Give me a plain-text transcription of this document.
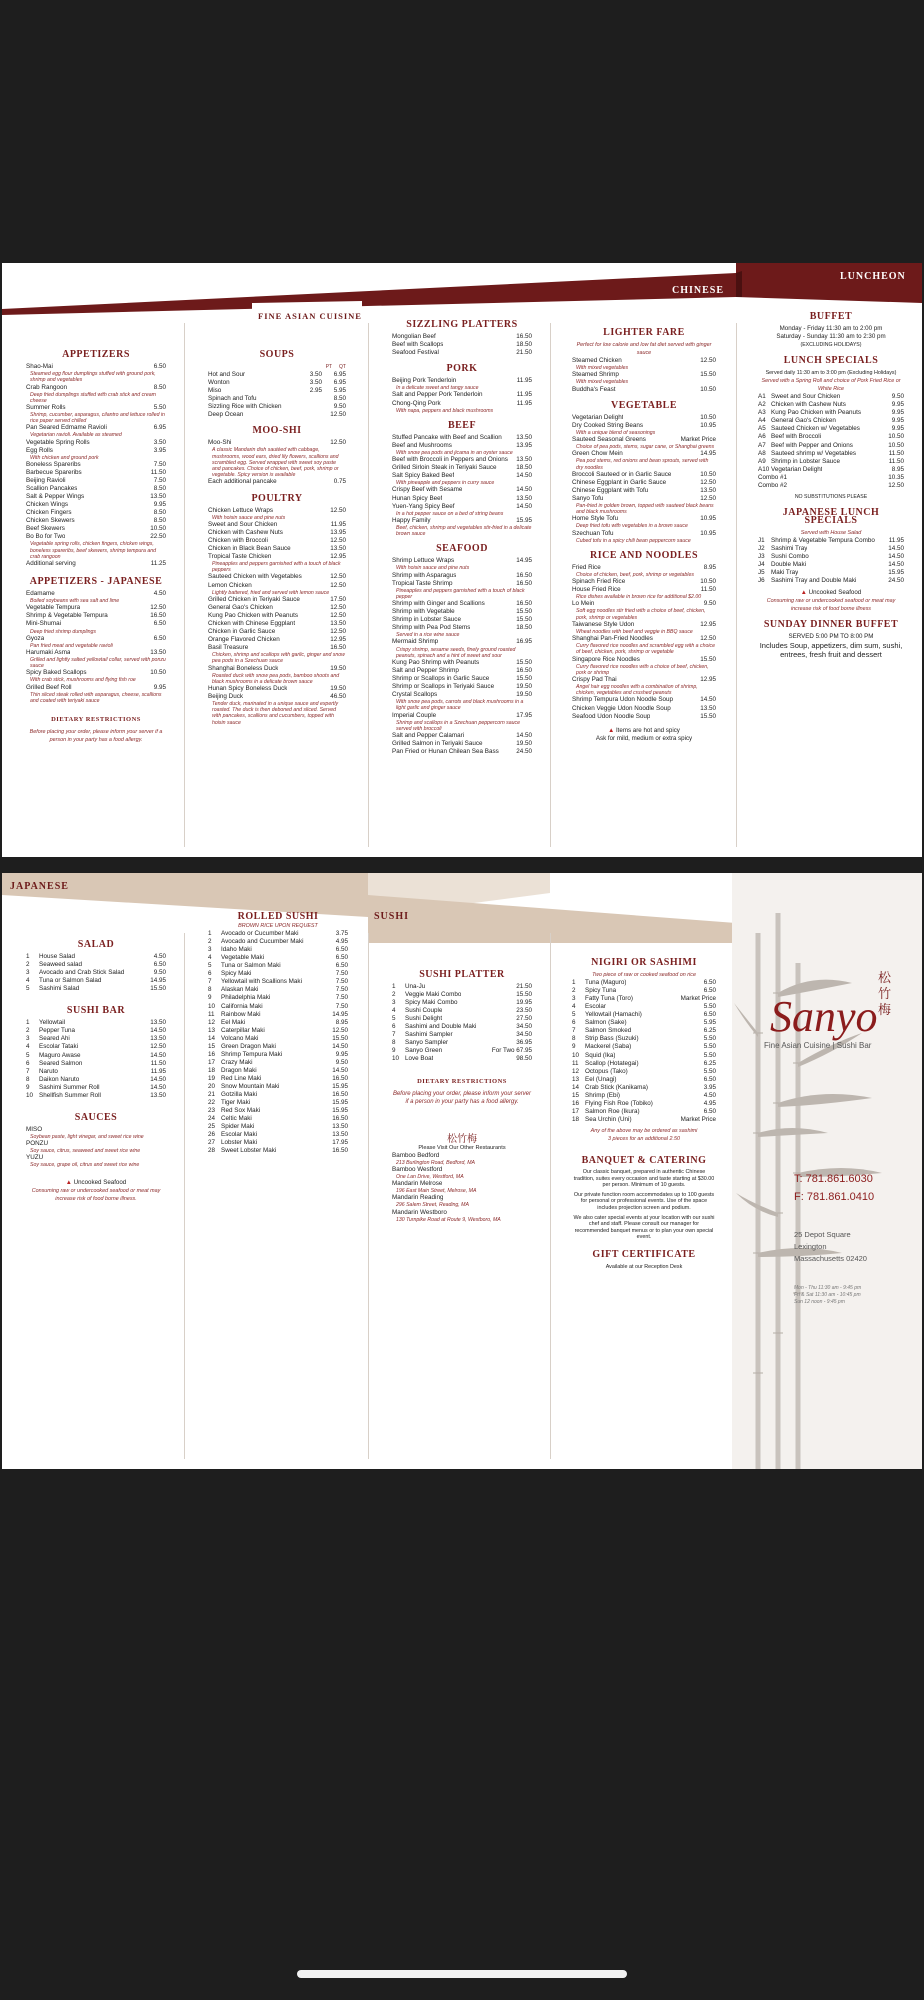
CHINESE
LUNCHEON
FINE ASIAN CUISINE
APPETIZERS
Shao-Mai	6.50
Steamed egg flour dumplings stuffed with ground pork, shrimp and vegetables
Crab Rangoon	8.50
Deep fried dumplings stuffed with crab stick and cream cheese
Summer Rolls	5.50
Shrimp, cucumber, asparagus, cilantro and lettuce rolled in rice paper served chilled
Pan Seared Edmame Ravioli	6.95
Vegetarian ravioli. Available as steamed
Vegetable Spring Rolls	3.50
Egg Rolls	3.95
With chicken and ground pork
Boneless Spareribs	7.50
Barbecue Spareribs	11.50
Beijing Ravioli	7.50
Scallion Pancakes	8.50
Salt & Pepper Wings	13.50
Chicken Wings	9.95
Chicken Fingers	8.50
Chicken Skewers	8.50
Beef Skewers	10.50
Bo Bo for Two	22.50
Vegetable spring rolls, chicken fingers, chicken wings, boneless spareribs, beef skewers, shrimp tempura and crab rangoon
Additional serving	11.25
APPETIZERS - JAPANESE
Edamame	4.50
Boiled soybeans with sea salt and lime
Vegetable Tempura	12.50
Shrimp & Vegetable Tempura	16.50
Mini-Shumai	6.50
Deep fried shrimp dumplings
Gyoza	6.50
Pan fried meat and vegetable ravioli
Harumaki Asma	13.50
Grilled and lightly salted yellowtail collar, served with ponzu sauce
Spicy Baked Scallops	10.50
With crab stick, mushrooms and flying fish roe
Grilled Beef Roll	9.95
Thin sliced steak rolled with asparagus, cheese, scallions and coated with teriyaki sauce
DIETARY RESTRICTIONS
Before placing your order, please inform your server if a person in your party has a food allergy.
SOUPS
PT QT
Hot and Sour	3.50 6.95
Wonton	3.50 6.95
Miso	2.95 5.95
Spinach and Tofu	8.50
Sizzling Rice with Chicken	9.50
Deep Ocean	12.50
MOO-SHI
Moo-Shi	12.50
A classic Mandarin dish sautéed with cabbage, mushrooms, wood ears, dried lily flowers, scallions and scrambled egg. Served wrapped with sweet soy paste and pancakes. Choice of chicken, beef, pork, shrimp or vegetable. Spicy version is available
Each additional pancake	0.75
POULTRY
Chicken Lettuce Wraps	12.50
With hoisin sauce and pine nuts
Sweet and Sour Chicken	11.95
Chicken with Cashew Nuts	13.95
Chicken with Broccoli	12.50
Chicken in Black Bean Sauce	13.50
Tropical Taste Chicken	12.95
Pineapples and peppers garnished with a touch of black peppers
Sauteed Chicken with Vegetables	12.50
Lemon Chicken	12.50
Lightly battered, fried and served with lemon sauce
Grilled Chicken in Teriyaki Sauce	17.50
General Gao's Chicken	12.50
Kung Pao Chicken with Peanuts	12.50
Chicken with Chinese Eggplant	13.50
Chicken in Garlic Sauce	12.50
Orange Flavored Chicken	12.95
Basil Treasure	16.50
Chicken, shrimp and scallops with garlic, ginger and snow pea pods in a Szechuan sauce
Shanghai Boneless Duck	19.50
Roasted duck with snow pea pods, bamboo shoots and black mushrooms in a delicate brown sauce
Hunan Spicy Boneless Duck	19.50
Beijing Duck	46.50
Tender duck, marinated in a unique sauce and expertly roasted. The duck is then deboned and sliced. Served with pancakes, scallions and cucumbers, topped with hoisin sauce
SIZZLING PLATTERS
Mongolian Beef	16.50
Beef with Scallops	18.50
Seafood Festival	21.50
PORK
Beijing Pork Tenderloin	11.95
In a delicate sweet and tangy sauce
Salt and Pepper Pork Tenderloin	11.95
Chong-Qing Pork	11.95
With napa, peppers and black mushrooms
BEEF
Stuffed Pancake with Beef and Scallion	13.50
Beef and Mushrooms	13.95
With snow pea pods and jicama in an oyster sauce
Beef with Broccoli in Peppers and Onions	13.50
Grilled Sirloin Steak in Teriyaki Sauce	18.50
Salt Spicy Baked Beef	14.50
With pineapple and peppers in curry sauce
Crispy Beef with Sesame	14.50
Hunan Spicy Beef	13.50
Yuen-Yang Spicy Beef	14.50
In a hot pepper sauce on a bed of string beans
Happy Family	15.95
Beef, chicken, shrimp and vegetables stir-fried in a delicate brown sauce
SEAFOOD
Shrimp Lettuce Wraps	14.95
With hoisin sauce and pine nuts
Shrimp with Asparagus	16.50
Tropical Taste Shrimp	16.50
Pineapples and peppers garnished with a touch of black pepper
Shrimp with Ginger and Scallions	16.50
Shrimp with Vegetable	15.50
Shrimp in Lobster Sauce	15.50
Shrimp with Pea Pod Stems	18.50
Served in a rice wine sauce
Mermaid Shrimp	16.95
Crispy shrimp, sesame seeds, finely ground roasted peanuts, spinach and a hint of sweet and sour
Kung Pao Shrimp with Peanuts	15.50
Salt and Pepper Shrimp	16.50
Shrimp or Scallops in Garlic Sauce	15.50
Shrimp or Scallops in Teriyaki Sauce	19.50
Crystal Scallops	19.50
With snow pea pods, carrots and black mushrooms in a light garlic and ginger sauce
Imperial Couple	17.95
Shrimp and scallops in a Szechuan peppercorn sauce served with broccoli
Salt and Pepper Calamari	14.50
Grilled Salmon in Teriyaki Sauce	19.50
Pan Fried or Hunan Chilean Sea Bass	24.50
LIGHTER FARE
Perfect for low calorie and low fat diet served with ginger sauce
Steamed Chicken	12.50
With mixed vegetables
Steamed Shrimp	15.50
With mixed vegetables
Buddha's Feast	10.50
VEGETABLE
Vegetarian Delight	10.50
Dry Cooked String Beans	10.95
With a unique blend of seasonings
Sauteed Seasonal Greens	Market Price
Choice of pea pods, stems, sugar cane, or Shanghai greens
Green Chow Mein	14.95
Pea pod stems, red onions and bean sprouts, served with dry noodles
Broccoli Sauteed or in Garlic Sauce	10.50
Chinese Eggplant in Garlic Sauce	12.50
Chinese Eggplant with Tofu	13.50
Sanyo Tofu	12.50
Pan-fried in golden brown, topped with sauteed black beans and black mushrooms
Home Style Tofu	10.95
Deep fried tofu with vegetables in a brown sauce
Szechuan Tofu	10.95
Cubed tofu in a spicy chili bean peppercorn sauce
RICE AND NOODLES
Fried Rice	8.95
Choice of chicken, beef, pork, shrimp or vegetables
Spinach Fried Rice	10.50
House Fried Rice	11.50
Rice dishes available in brown rice for additional $2.00
Lo Mein	9.50
Soft egg noodles stir fried with a choice of beef, chicken, pork, shrimp or vegetables
Taiwanese Style Udon	12.95
Wheat noodles with beef and veggie in BBQ sauce
Shanghai Pan-Fried Noodles	12.50
Curry flavored rice noodles and scrambled egg with a choice of beef, chicken, pork, shrimp or vegetable
Singapore Rice Noodles	15.50
Curry flavored rice noodles with a choice of beef, chicken, pork or shrimp
Crispy Pad Thai	12.95
Angel hair egg noodles with a combination of shrimp, chicken, vegetables and crushed peanuts
Shrimp Tempura Udon Noodle Soup	14.50
Chicken Veggie Udon Noodle Soup	13.50
Seafood Udon Noodle Soup	15.50
▲ Items are hot and spicy
Ask for mild, medium or extra spicy
BUFFET
Monday - Friday 11:30 am to 2:00 pm
Saturday - Sunday 11:30 am to 2:30 pm
(EXCLUDING HOLIDAYS)
LUNCH SPECIALS
Served daily 11:30 am to 3:00 pm (Excluding Holidays)
Served with a Spring Roll and choice of Pork Fried Rice or White Rice
A1 Sweet and Sour Chicken	9.50
A2 Chicken with Cashew Nuts	9.95
A3 Kung Pao Chicken with Peanuts	9.95
A4 General Gao's Chicken	9.95
A5 Sauteed Chicken w/ Vegetables	9.95
A6 Beef with Broccoli	10.50
A7 Beef with Pepper and Onions	10.50
A8 Sauteed shrimp w/ Vegetables	11.50
A9 Shrimp in Lobster Sauce	11.50
A10 Vegetarian Delight	8.95
Combo #1	10.35
Combo #2	12.50
NO SUBSTITUTIONS PLEASE
JAPANESE LUNCH SPECIALS
Served with House Salad
J1 Shrimp & Vegetable Tempura Combo	11.95
J2 Sashimi Tray	14.50
J3 Sushi Combo	14.50
J4 Double Maki	14.50
J5 Maki Tray	15.95
J6 Sashimi Tray and Double Maki	24.50
▲ Uncooked Seafood
Consuming raw or undercooked seafood or meat may increase risk of food borne illness
SUNDAY DINNER BUFFET
SERVED 5:00 PM TO 8:00 PM
Includes Soup, appetizers, dim sum, sushi, entrees, fresh fruit and dessert
JAPANESE
SUSHI
SALAD
1 House Salad	4.50
2 Seaweed salad	6.50
3 Avocado and Crab Stick Salad	9.50
4 Tuna or Salmon Salad	14.95
5 Sashimi Salad	15.50
SUSHI BAR
1 Yellowtail	13.50
2 Pepper Tuna	14.50
3 Seared Ahi	13.50
4 Escolar Tataki	12.50
5 Maguro Awase	14.50
6 Seared Salmon	11.50
7 Naruto	11.95
8 Daikon Naruto	14.50
9 Sashimi Summer Roll	14.50
10 Shellfish Summer Roll	13.50
SAUCES
MISO
Soybean paste, light vinegar, and sweet rice wine
PONZU
Soy sauce, citrus, seaweed and sweet rice wine
YUZU
Soy sauce, grape oil, citrus and sweet rice wine
▲ Uncooked Seafood
Consuming raw or undercooked seafood or meat may increase risk of food borne illness.
ROLLED SUSHI
BROWN RICE UPON REQUEST
1 Avocado or Cucumber Maki	3.75
2 Avocado and Cucumber Maki	4.95
3 Idaho Maki	6.50
4 Vegetable Maki	6.50
5 Tuna or Salmon Maki	6.50
6 Spicy Maki	7.50
7 Yellowtail with Scallions Maki	7.50
8 Alaskan Maki	7.50
9 Philadelphia Maki	7.50
10 California Maki	7.50
11 Rainbow Maki	14.95
12 Eel Maki	8.95
13 Caterpillar Maki	12.50
14 Volcano Maki	15.50
15 Green Dragon Maki	14.50
16 Shrimp Tempura Maki	9.95
17 Crazy Maki	9.50
18 Dragon Maki	14.50
19 Red Line Maki	16.50
20 Snow Mountain Maki	15.95
21 Gotzilla Maki	16.50
22 Tiger Maki	15.95
23 Red Sox Maki	15.95
24 Celtic Maki	16.50
25 Spider Maki	13.50
26 Escolar Maki	13.50
27 Lobster Maki	17.95
28 Sweet Lobster Maki	16.50
SUSHI PLATTER
1 Una-Ju	21.50
2 Veggie Maki Combo	15.50
3 Spicy Maki Combo	19.95
4 Sushi Couple	23.50
5 Sushi Delight	27.50
6 Sashimi and Double Maki	34.50
7 Sashimi Sampler	34.50
8 Sanyo Sampler	36.95
9 Sanyo Green	For Two 67.95
10 Love Boat	98.50
DIETARY RESTRICTIONS
Before placing your order, please inform your server if a person in your party has a food allergy.
松竹梅
Please Visit Our Other Restaurants
Bamboo Bedford
213 Burlington Road, Bedford, MA
Bamboo Westford
One Lan Drive, Westford, MA
Mandarin Melrose
196 East Main Street, Melrose, MA
Mandarin Reading
296 Salem Street, Reading, MA
Mandarin Westboro
130 Turnpike Road at Route 9, Westboro, MA
NIGIRI OR SASHIMI
Two piece of raw or cooked seafood on rice
1 Tuna (Maguro)	6.50
2 Spicy Tuna	6.50
3 Fatty Tuna (Toro)	Market Price
4 Escolar	5.50
5 Yellowtail (Hamachi)	6.50
6 Salmon (Sake)	5.95
7 Salmon Smoked	6.25
8 Strip Bass (Suzuki)	5.50
9 Mackerel (Saba)	5.50
10 Squid (Ika)	5.50
11 Scallop (Hotategai)	6.25
12 Octopus (Tako)	5.50
13 Eel (Unagi)	6.50
14 Crab Stick (Kanikama)	3.95
15 Shrimp (Ebi)	4.50
16 Flying Fish Roe (Tobiko)	4.95
17 Salmon Roe (Ikura)	6.50
18 Sea Urchin (Uni)	Market Price
Any of the above may be ordered as sashimi
3 pieces for an additional 2.50
BANQUET & CATERING
Our classic banquet, prepared in authentic Chinese tradition, suites every occasion and taste starting at $30.00 per person. Minimum of 10 guests.
Our private function room accommodates up to 100 guests for personal or professional events. Use of the space includes projection screen and podium.
We also cater special events at your location with our sushi chef and staff. Please consult our manager for recommended banquet menus or to plan your own special event.
GIFT CERTIFICATE
Available at our Reception Desk
Sanyo
松竹梅
Fine Asian Cuisine | Sushi Bar
T: 781.861.6030
F: 781.861.0410
25 Depot Square
Lexington
Massachusetts 02420
Mon - Thu 11:30 am - 9:45 pm
Fri & Sat 11:30 am - 10:45 pm
Sun 12 noon - 9:45 pm
